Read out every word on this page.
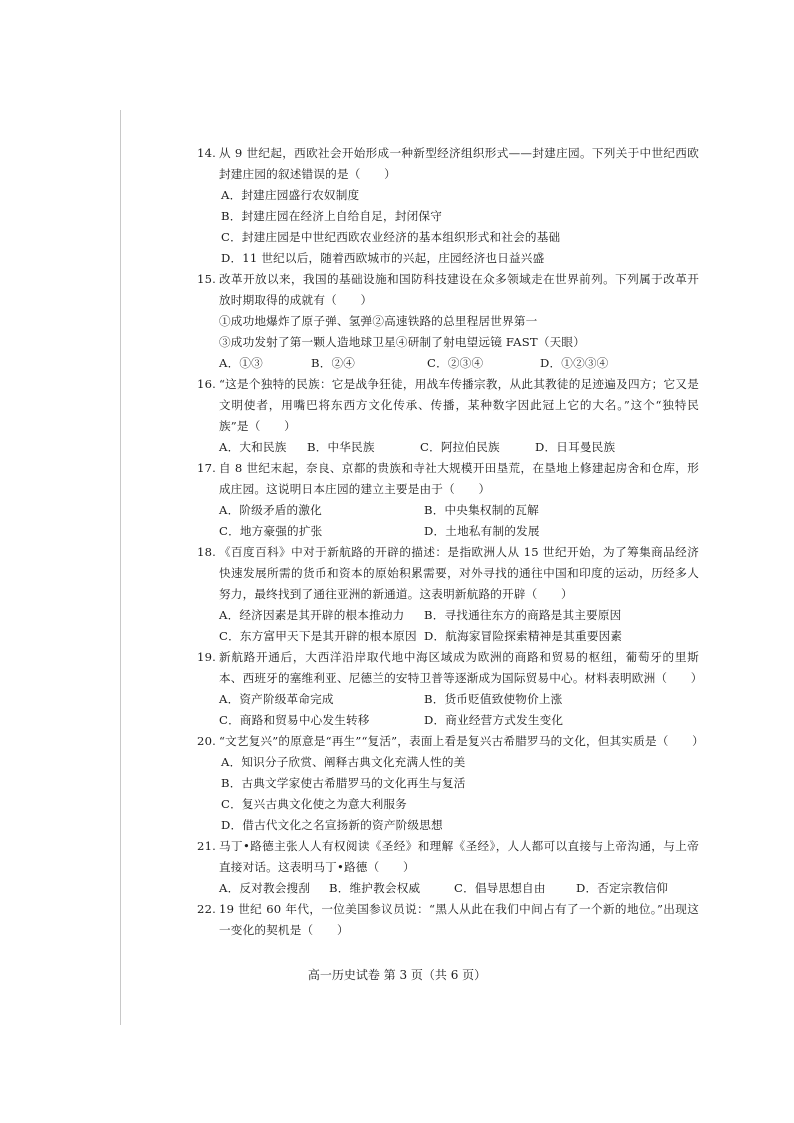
14. 从 9 世纪起，西欧社会开始形成一种新型经济组织形式——封建庄园。下列关于中世纪西欧封建庄园的叙述错误的是（　　）
A．封建庄园盛行农奴制度
B．封建庄园在经济上自给自足，封闭保守
C．封建庄园是中世纪西欧农业经济的基本组织形式和社会的基础
D．11 世纪以后，随着西欧城市的兴起，庄园经济也日益兴盛
15. 改革开放以来，我国的基础设施和国防科技建设在众多领域走在世界前列。下列属于改革开放时期取得的成就有（　　）
①成功地爆炸了原子弹、氢弹②高速铁路的总里程居世界第一
③成功发射了第一颗人造地球卫星④研制了射电望远镜 FAST（天眼）
A．①③	B．②④	C．②③④	D．①②③④
16. “这是个独特的民族：它是战争狂徒，用战车传播宗教，从此其教徒的足迹遍及四方；它又是文明使者，用嘴巴将东西方文化传承、传播，某种数字因此冠上它的大名。”这个“独特民族”是（　　）
A．大和民族	B．中华民族	C．阿拉伯民族	D．日耳曼民族
17. 自 8 世纪末起，奈良、京都的贵族和寺社大规模开田垦荒，在垦地上修建起房舍和仓库，形成庄园。这说明日本庄园的建立主要是由于（　　）
A．阶级矛盾的激化	B．中央集权制的瓦解
C．地方豪强的扩张	D．土地私有制的发展
18. 《百度百科》中对于新航路的开辟的描述：是指欧洲人从 15 世纪开始，为了筹集商品经济快速发展所需的货币和资本的原始积累需要，对外寻找的通往中国和印度的运动，历经多人努力，最终找到了通往亚洲的新通道。这表明新航路的开辟（　　）
A．经济因素是其开辟的根本推动力	B．寻找通往东方的商路是其主要原因
C．东方富甲天下是其开辟的根本原因 D．航海家冒险探索精神是其重要因素
19. 新航路开通后，大西洋沿岸取代地中海区域成为欧洲的商路和贸易的枢纽，葡萄牙的里斯本、西班牙的塞维利亚、尼德兰的安特卫普等逐渐成为国际贸易中心。材料表明欧洲（　　）
A．资产阶级革命完成	B．货币贬值致使物价上涨
C．商路和贸易中心发生转移	D．商业经营方式发生变化
20. “文艺复兴”的原意是“再生”“复活”，表面上看是复兴古希腊罗马的文化，但其实质是（　　）
A．知识分子欣赏、阐释古典文化充满人性的美
B．古典文学家使古希腊罗马的文化再生与复活
C．复兴古典文化使之为意大利服务
D．借古代文化之名宣扬新的资产阶级思想
21. 马丁•路德主张人人有权阅读《圣经》和理解《圣经》，人人都可以直接与上帝沟通，与上帝直接对话。这表明马丁•路德（　　）
A．反对教会搜刮	B．维护教会权威	C．倡导思想自由	D．否定宗教信仰
22. 19 世纪 60 年代，一位美国参议员说：“黑人从此在我们中间占有了一个新的地位。”出现这一变化的契机是（　　）
高一历史试卷 第 3 页（共 6 页）
